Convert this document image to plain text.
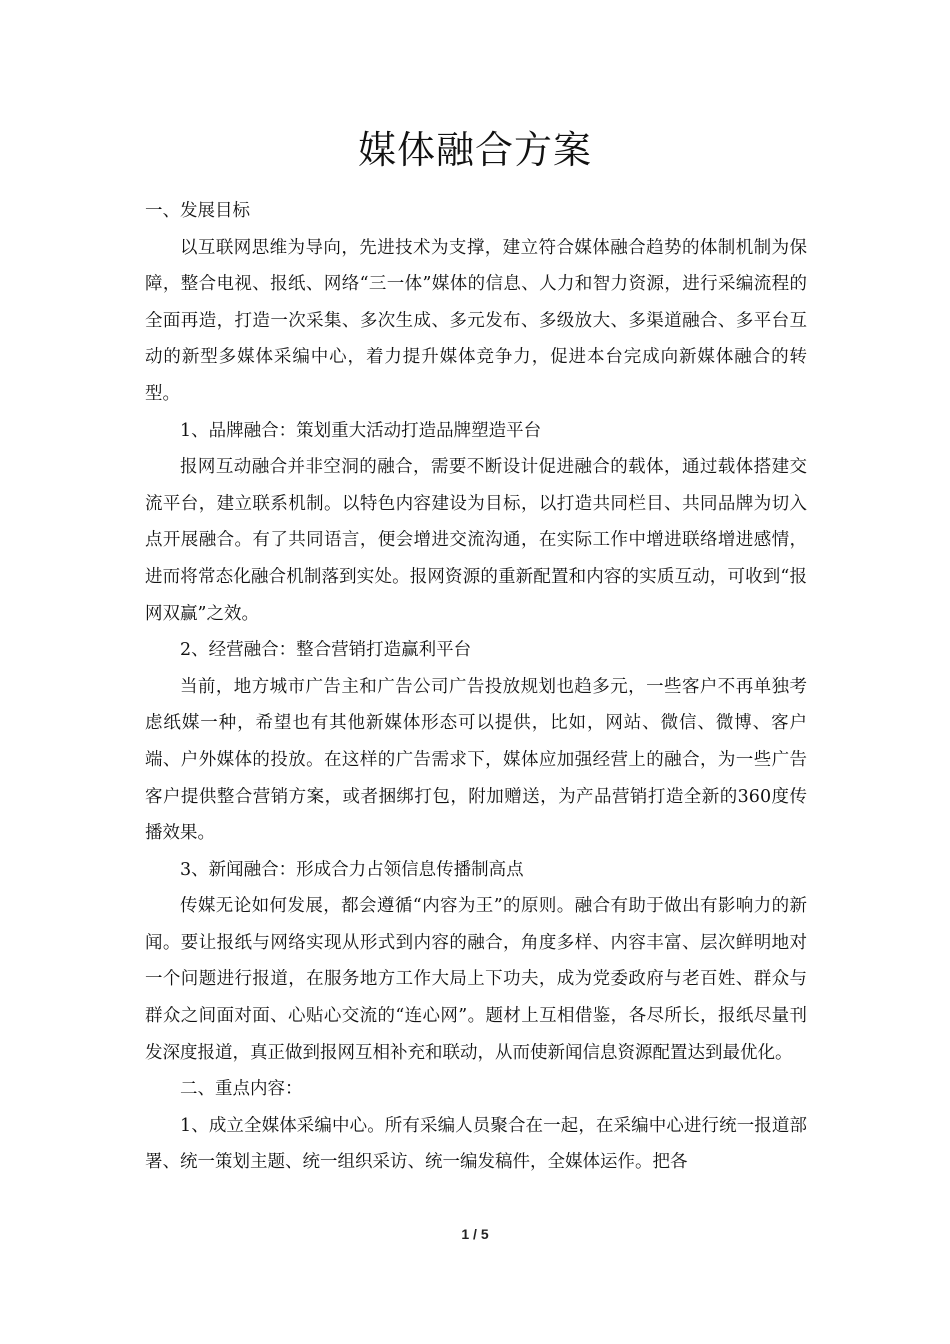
媒体融合方案

一、发展目标

以互联网思维为导向，先进技术为支撑，建立符合媒体融合趋势的体制机制为保障，整合电视、报纸、网络“三一体”媒体的信息、人力和智力资源，进行采编流程的全面再造，打造一次采集、多次生成、多元发布、多级放大、多渠道融合、多平台互动的新型多媒体采编中心，着力提升媒体竞争力，促进本台完成向新媒体融合的转型。

1、品牌融合：策划重大活动打造品牌塑造平台

报网互动融合并非空洞的融合，需要不断设计促进融合的载体，通过载体搭建交流平台，建立联系机制。以特色内容建设为目标，以打造共同栏目、共同品牌为切入点开展融合。有了共同语言，便会增进交流沟通，在实际工作中增进联络增进感情，进而将常态化融合机制落到实处。报网资源的重新配置和内容的实质互动，可收到“报网双赢”之效。

2、经营融合：整合营销打造赢利平台

当前，地方城市广告主和广告公司广告投放规划也趋多元，一些客户不再单独考虑纸媒一种，希望也有其他新媒体形态可以提供，比如，网站、微信、微博、客户端、户外媒体的投放。在这样的广告需求下，媒体应加强经营上的融合，为一些广告客户提供整合营销方案，或者捆绑打包，附加赠送，为产品营销打造全新的360度传播效果。

3、新闻融合：形成合力占领信息传播制高点

传媒无论如何发展，都会遵循“内容为王”的原则。融合有助于做出有影响力的新闻。要让报纸与网络实现从形式到内容的融合，角度多样、内容丰富、层次鲜明地对一个问题进行报道，在服务地方工作大局上下功夫，成为党委政府与老百姓、群众与群众之间面对面、心贴心交流的“连心网”。题材上互相借鉴，各尽所长，报纸尽量刊发深度报道，真正做到报网互相补充和联动，从而使新闻信息资源配置达到最优化。

二、重点内容：

1、成立全媒体采编中心。所有采编人员聚合在一起，在采编中心进行统一报道部署、统一策划主题、统一组织采访、统一编发稿件，全媒体运作。把各

1 / 5
